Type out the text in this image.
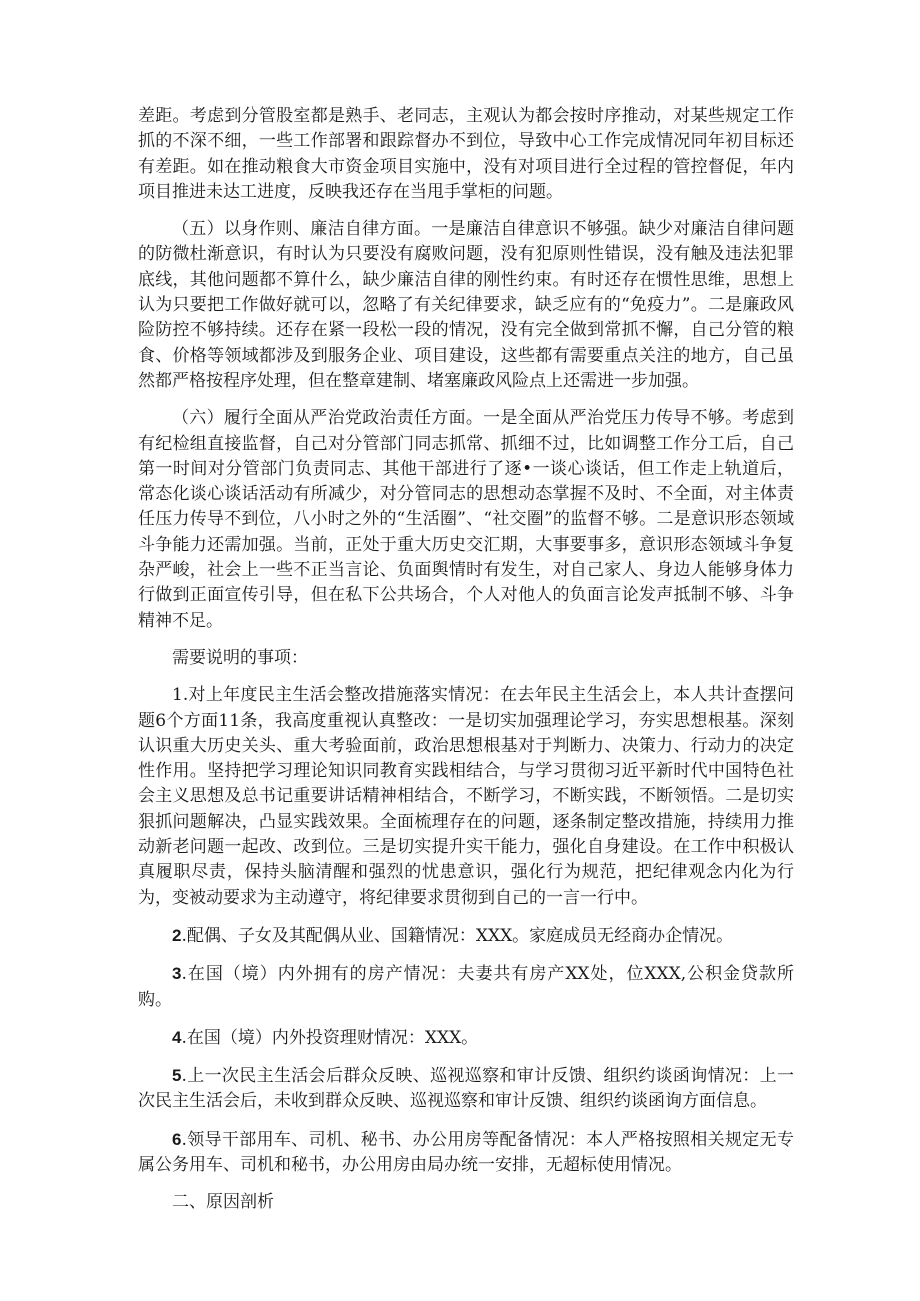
差距。考虑到分管股室都是熟手、老同志，主观认为都会按时序推动，对某些规定工作抓的不深不细，一些工作部署和跟踪督办不到位，导致中心工作完成情况同年初目标还有差距。如在推动粮食大市资金项目实施中，没有对项目进行全过程的管控督促，年内项目推进未达工进度，反映我还存在当甩手掌柜的问题。

（五）以身作则、廉洁自律方面。一是廉洁自律意识不够强。缺少对廉洁自律问题的防微杜渐意识，有时认为只要没有腐败问题，没有犯原则性错误，没有触及违法犯罪底线，其他问题都不算什么，缺少廉洁自律的刚性约束。有时还存在惯性思维，思想上认为只要把工作做好就可以，忽略了有关纪律要求，缺乏应有的“免疫力”。二是廉政风险防控不够持续。还存在紧一段松一段的情况，没有完全做到常抓不懈，自己分管的粮食、价格等领域都涉及到服务企业、项目建设，这些都有需要重点关注的地方，自己虽然都严格按程序处理，但在整章建制、堵塞廉政风险点上还需进一步加强。

（六）履行全面从严治党政治责任方面。一是全面从严治党压力传导不够。考虑到有纪检组直接监督，自己对分管部门同志抓常、抓细不过，比如调整工作分工后，自己第一时间对分管部门负责同志、其他干部进行了逐•一谈心谈话，但工作走上轨道后，常态化谈心谈话活动有所减少，对分管同志的思想动态掌握不及时、不全面，对主体责任压力传导不到位，八小时之外的“生活圈”、“社交圈”的监督不够。二是意识形态领域斗争能力还需加强。当前，正处于重大历史交汇期，大事要事多，意识形态领域斗争复杂严峻，社会上一些不正当言论、负面舆情时有发生，对自己家人、身边人能够身体力行做到正面宣传引导，但在私下公共场合，个人对他人的负面言论发声抵制不够、斗争精神不足。

需要说明的事项：

1.对上年度民主生活会整改措施落实情况：在去年民主生活会上，本人共计查摆问题6个方面11条，我高度重视认真整改：一是切实加强理论学习，夯实思想根基。深刻认识重大历史关头、重大考验面前，政治思想根基对于判断力、决策力、行动力的决定性作用。坚持把学习理论知识同教育实践相结合，与学习贯彻习近平新时代中国特色社会主义思想及总书记重要讲话精神相结合，不断学习，不断实践，不断领悟。二是切实狠抓问题解决，凸显实践效果。全面梳理存在的问题，逐条制定整改措施，持续用力推动新老问题一起改、改到位。三是切实提升实干能力，强化自身建设。在工作中积极认真履职尽责，保持头脑清醒和强烈的忧患意识，强化行为规范，把纪律观念内化为行为，变被动要求为主动遵守，将纪律要求贯彻到自己的一言一行中。

2.配偶、子女及其配偶从业、国籍情况：XXX。家庭成员无经商办企情况。

3.在国（境）内外拥有的房产情况：夫妻共有房产XX处，位XXX,公积金贷款所购。

4.在国（境）内外投资理财情况：XXX。

5.上一次民主生活会后群众反映、巡视巡察和审计反馈、组织约谈函询情况：上一次民主生活会后，未收到群众反映、巡视巡察和审计反馈、组织约谈函询方面信息。

6.领导干部用车、司机、秘书、办公用房等配备情况：本人严格按照相关规定无专属公务用车、司机和秘书，办公用房由局办统一安排，无超标使用情况。

二、原因剖析
